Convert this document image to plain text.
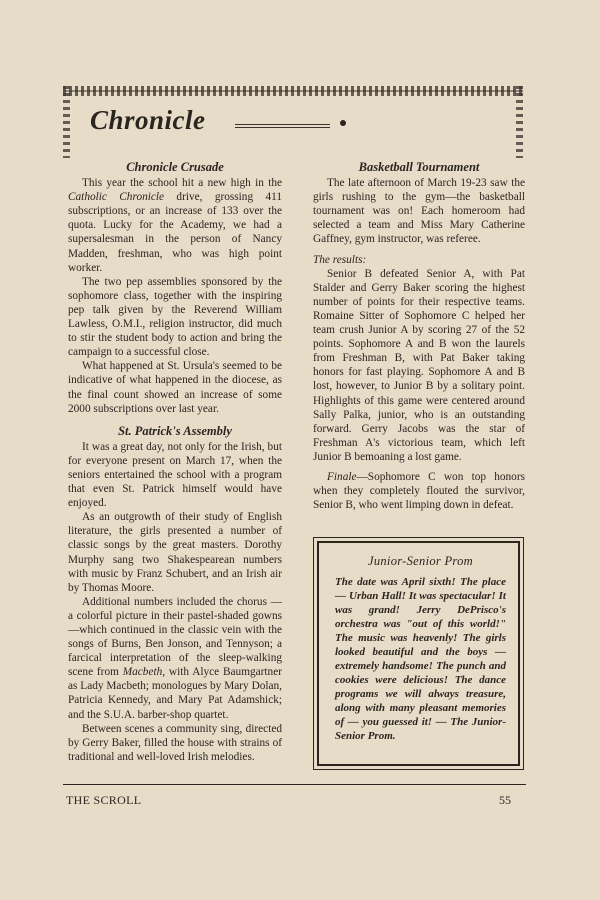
Chronicle
Chronicle Crusade

This year the school hit a new high in the Catholic Chronicle drive, grossing 411 subscriptions, or an increase of 133 over the quota. Lucky for the Academy, we had a supersalesman in the person of Nancy Madden, freshman, who was high point worker.

The two pep assemblies sponsored by the sophomore class, together with the inspiring pep talk given by the Reverend William Lawless, O.M.I., religion instructor, did much to stir the student body to action and bring the campaign to a successful close.

What happened at St. Ursula's seemed to be indicative of what happened in the diocese, as the final count showed an increase of some 2000 subscriptions over last year.

St. Patrick's Assembly

It was a great day, not only for the Irish, but for everyone present on March 17, when the seniors entertained the school with a program that even St. Patrick himself would have enjoyed.

As an outgrowth of their study of English literature, the girls presented a number of classic songs by the great masters. Dorothy Murphy sang two Shakespearean numbers with music by Franz Schubert, and an Irish air by Thomas Moore.

Additional numbers included the chorus —a colorful picture in their pastel-shaded gowns—which continued in the classic vein with the songs of Burns, Ben Jonson, and Tennyson; a farcical interpretation of the sleep-walking scene from Macbeth, with Alyce Baumgartner as Lady Macbeth; monologues by Mary Dolan, Patricia Kennedy, and Mary Pat Adamshick; and the S.U.A. barber-shop quartet.

Between scenes a community sing, directed by Gerry Baker, filled the house with strains of traditional and well-loved Irish melodies.

Basketball Tournament

The late afternoon of March 19-23 saw the girls rushing to the gym—the basketball tournament was on! Each homeroom had selected a team and Miss Mary Catherine Gaffney, gym instructor, was referee.

The results:

Senior B defeated Senior A, with Pat Stalder and Gerry Baker scoring the highest number of points for their respective teams. Romaine Sitter of Sophomore C helped her team crush Junior A by scoring 27 of the 52 points. Sophomore A and B won the laurels from Freshman B, with Pat Baker taking honors for fast playing. Sophomore A and B lost, however, to Junior B by a solitary point. Highlights of this game were centered around Sally Palka, junior, who is an outstanding forward. Gerry Jacobs was the star of Freshman A's victorious team, which left Junior B bemoaning a lost game.

Finale—Sophomore C won top honors when they completely flouted the survivor, Senior B, who went limping down in defeat.

Junior-Senior Prom

The date was April sixth! The place — Urban Hall! It was spectacular! It was grand! Jerry DePrisco's orchestra was "out of this world!" The music was heavenly! The girls looked beautiful and the boys — extremely handsome! The punch and cookies were delicious! The dance programs we will always treasure, along with many pleasant memories of — you guessed it! — The Junior-Senior Prom.

THE SCROLL	55
